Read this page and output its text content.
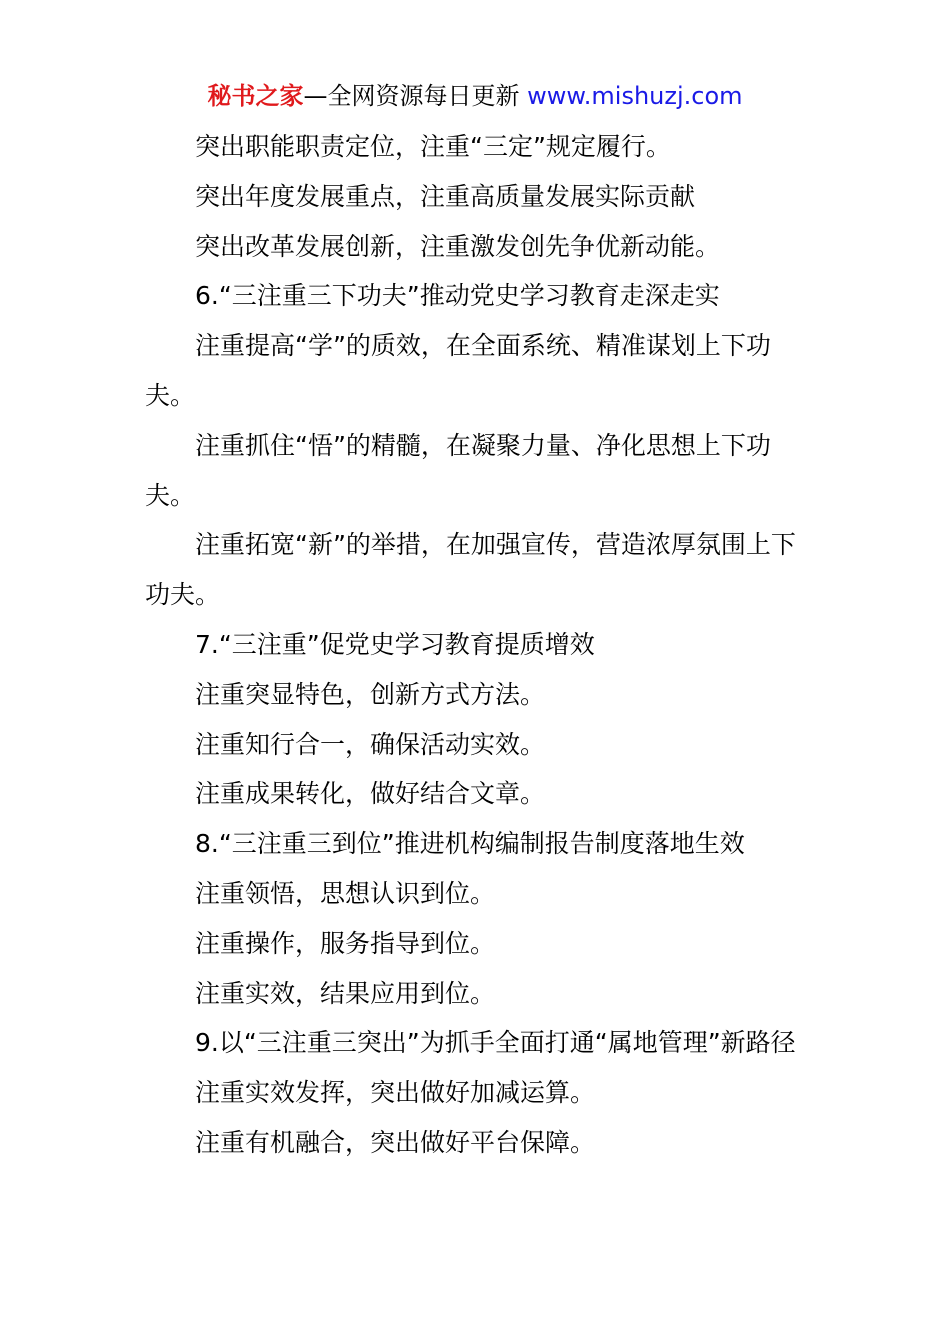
秘书之家—全网资源每日更新 www.mishuzj.com

突出职能职责定位，注重“三定”规定履行。

突出年度发展重点，注重高质量发展实际贡献

突出改革发展创新，注重激发创先争优新动能。

6.“三注重三下功夫”推动党史学习教育走深走实

注重提高“学”的质效，在全面系统、精准谋划上下功夫。

注重抓住“悟”的精髓，在凝聚力量、净化思想上下功夫。

注重拓宽“新”的举措，在加强宣传，营造浓厚氛围上下功夫。

7.“三注重”促党史学习教育提质增效

注重突显特色，创新方式方法。

注重知行合一，确保活动实效。

注重成果转化，做好结合文章。

8.“三注重三到位”推进机构编制报告制度落地生效

注重领悟，思想认识到位。

注重操作，服务指导到位。

注重实效，结果应用到位。

9.以“三注重三突出”为抓手全面打通“属地管理”新路径

注重实效发挥，突出做好加减运算。

注重有机融合，突出做好平台保障。
